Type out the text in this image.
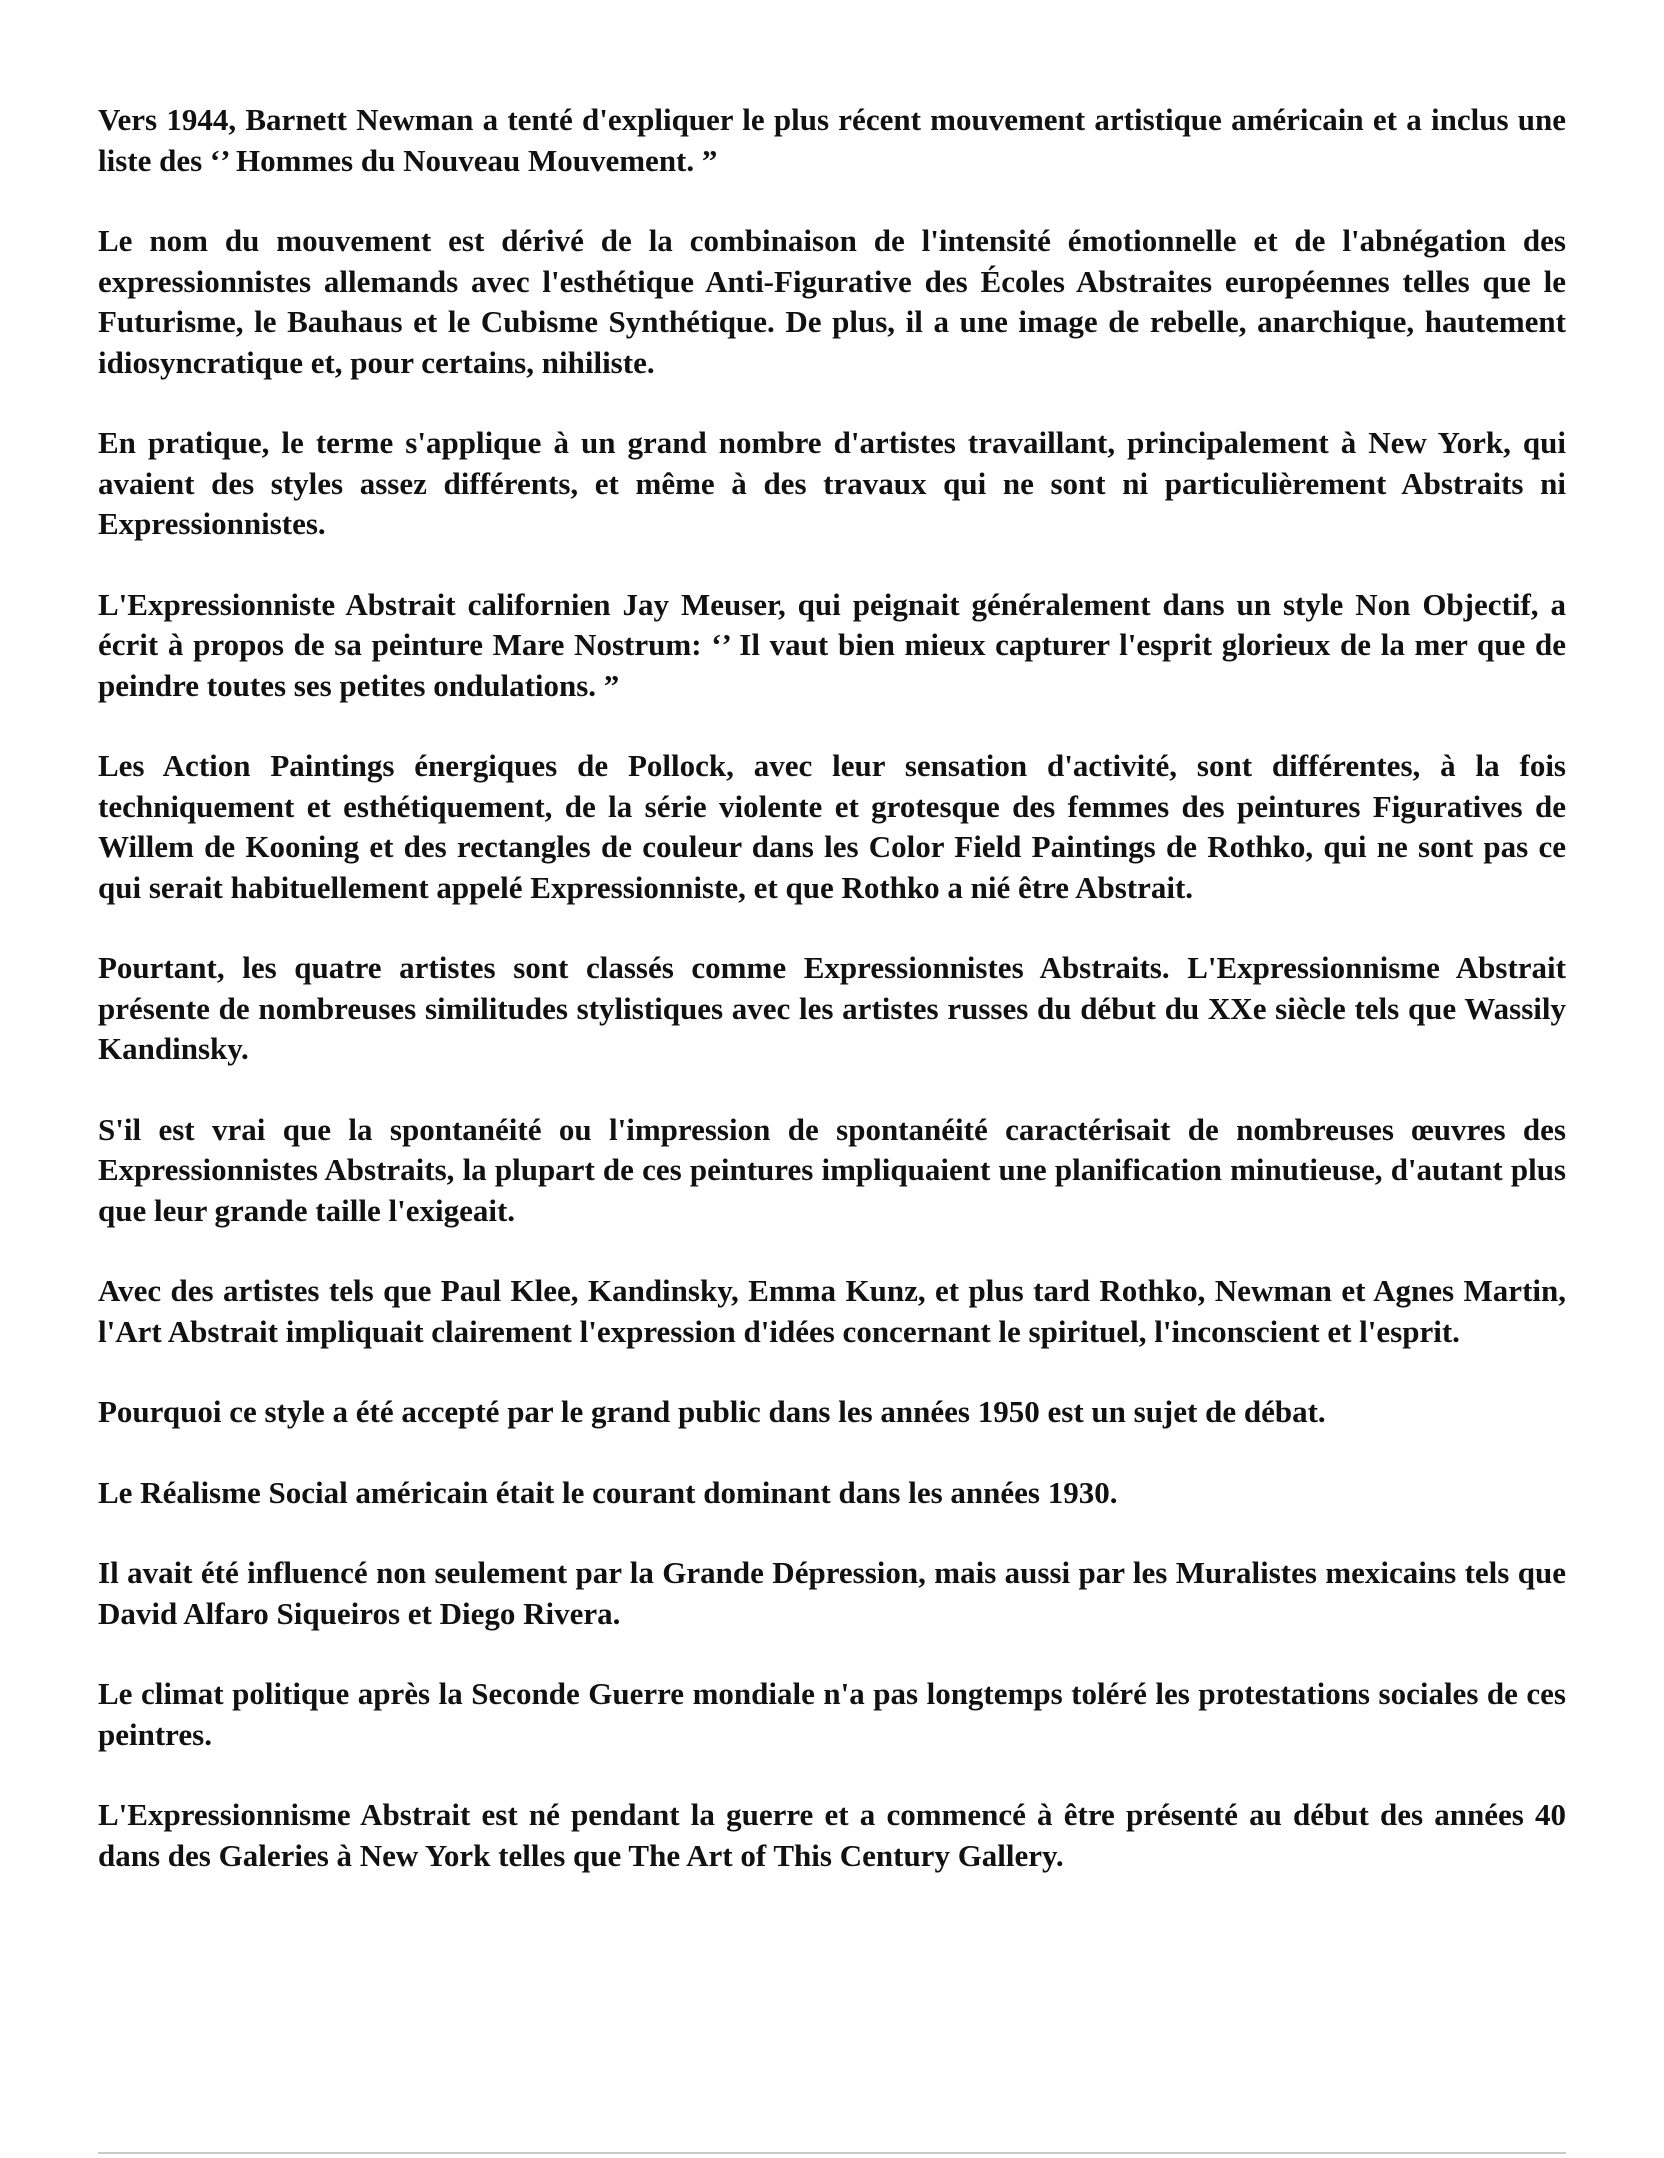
Vers 1944, Barnett Newman a tenté d'expliquer le plus récent mouvement artistique américain et a inclus une liste des ‘’ Hommes du Nouveau Mouvement. ”

Le nom du mouvement est dérivé de la combinaison de l'intensité émotionnelle et de l'abnégation des expressionnistes allemands avec l'esthétique Anti-Figurative des Écoles Abstraites européennes telles que le Futurisme, le Bauhaus et le Cubisme Synthétique. De plus, il a une image de rebelle, anarchique, hautement idiosyncratique et, pour certains, nihiliste.

En pratique, le terme s'applique à un grand nombre d'artistes travaillant, principalement à New York, qui avaient des styles assez différents, et même à des travaux qui ne sont ni particulièrement Abstraits ni Expressionnistes.

L'Expressionniste Abstrait californien Jay Meuser, qui peignait généralement dans un style Non Objectif, a écrit à propos de sa peinture Mare Nostrum: ‘’ Il vaut bien mieux capturer l'esprit glorieux de la mer que de peindre toutes ses petites ondulations. ”

Les Action Paintings énergiques de Pollock, avec leur sensation d'activité, sont différentes, à la fois techniquement et esthétiquement, de la série violente et grotesque des femmes des peintures Figuratives de Willem de Kooning et des rectangles de couleur dans les Color Field Paintings de Rothko, qui ne sont pas ce qui serait habituellement appelé Expressionniste, et que Rothko a nié être Abstrait.

Pourtant, les quatre artistes sont classés comme Expressionnistes Abstraits. L'Expressionnisme Abstrait présente de nombreuses similitudes stylistiques avec les artistes russes du début du XXe siècle tels que Wassily Kandinsky.

S'il est vrai que la spontanéité ou l'impression de spontanéité caractérisait de nombreuses œuvres des Expressionnistes Abstraits, la plupart de ces peintures impliquaient une planification minutieuse, d'autant plus que leur grande taille l'exigeait.

Avec des artistes tels que Paul Klee, Kandinsky, Emma Kunz, et plus tard Rothko, Newman et Agnes Martin, l'Art Abstrait impliquait clairement l'expression d'idées concernant le spirituel, l'inconscient et l'esprit.

Pourquoi ce style a été accepté par le grand public dans les années 1950 est un sujet de débat.

Le Réalisme Social américain était le courant dominant dans les années 1930.

Il avait été influencé non seulement par la Grande Dépression, mais aussi par les Muralistes mexicains tels que David Alfaro Siqueiros et Diego Rivera.

Le climat politique après la Seconde Guerre mondiale n'a pas longtemps toléré les protestations sociales de ces peintres.

L'Expressionnisme Abstrait est né pendant la guerre et a commencé à être présenté au début des années 40 dans des Galeries à New York telles que The Art of This Century Gallery.
